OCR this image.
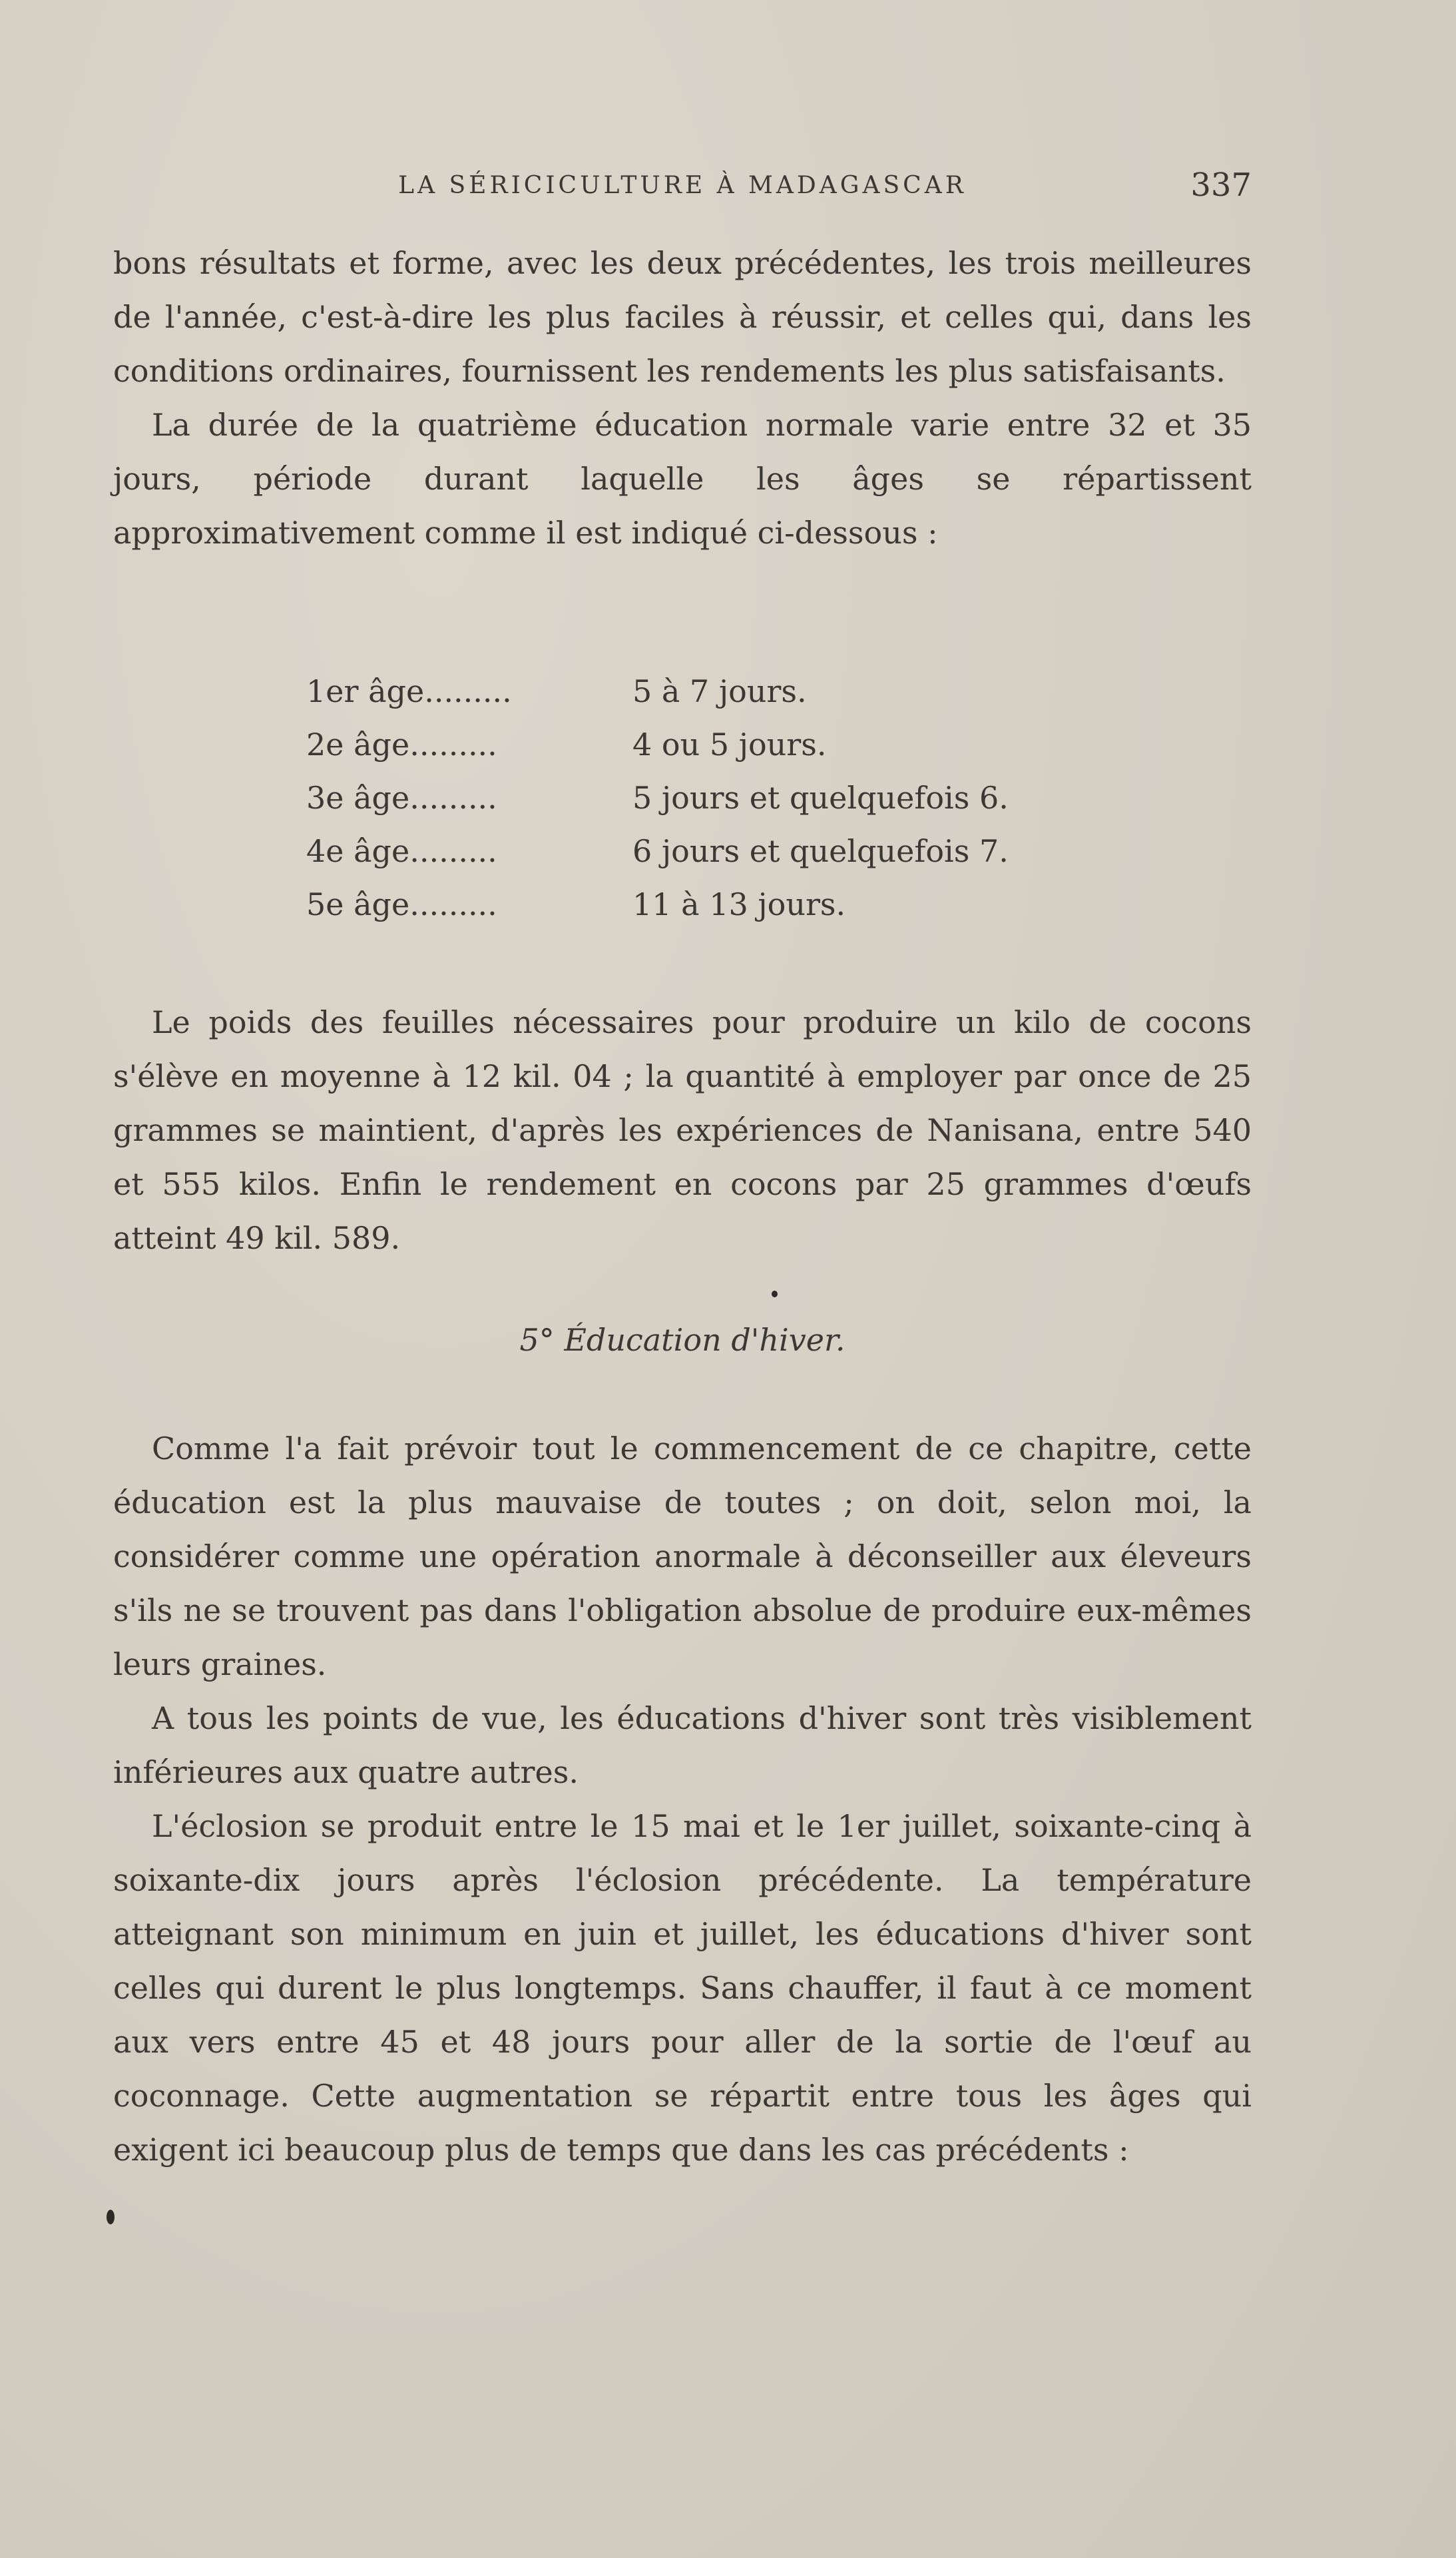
LA SÉRICICULTURE À MADAGASCAR	337

bons résultats et forme, avec les deux précédentes, les trois meilleures de l'année, c'est-à-dire les plus faciles à réussir, et celles qui, dans les conditions ordinaires, fournissent les rendements les plus satisfaisants.

La durée de la quatrième éducation normale varie entre 32 et 35 jours, période durant laquelle les âges se répartissent approximativement comme il est indiqué ci-dessous :

1er âge.........	5 à 7 jours.
2e âge.........	4 ou 5 jours.
3e âge.........	5 jours et quelquefois 6.
4e âge.........	6 jours et quelquefois 7.
5e âge.........	11 à 13 jours.

Le poids des feuilles nécessaires pour produire un kilo de cocons s'élève en moyenne à 12 kil. 04 ; la quantité à employer par once de 25 grammes se maintient, d'après les expériences de Nanisana, entre 540 et 555 kilos. Enfin le rendement en cocons par 25 grammes d'œufs atteint 49 kil. 589.

5° Éducation d'hiver.

Comme l'a fait prévoir tout le commencement de ce chapitre, cette éducation est la plus mauvaise de toutes ; on doit, selon moi, la considérer comme une opération anormale à déconseiller aux éleveurs s'ils ne se trouvent pas dans l'obligation absolue de produire eux-mêmes leurs graines.

A tous les points de vue, les éducations d'hiver sont très visiblement inférieures aux quatre autres.

L'éclosion se produit entre le 15 mai et le 1er juillet, soixante-cinq à soixante-dix jours après l'éclosion précédente. La température atteignant son minimum en juin et juillet, les éducations d'hiver sont celles qui durent le plus longtemps. Sans chauffer, il faut à ce moment aux vers entre 45 et 48 jours pour aller de la sortie de l'œuf au coconnage. Cette augmentation se répartit entre tous les âges qui exigent ici beaucoup plus de temps que dans les cas précédents :
